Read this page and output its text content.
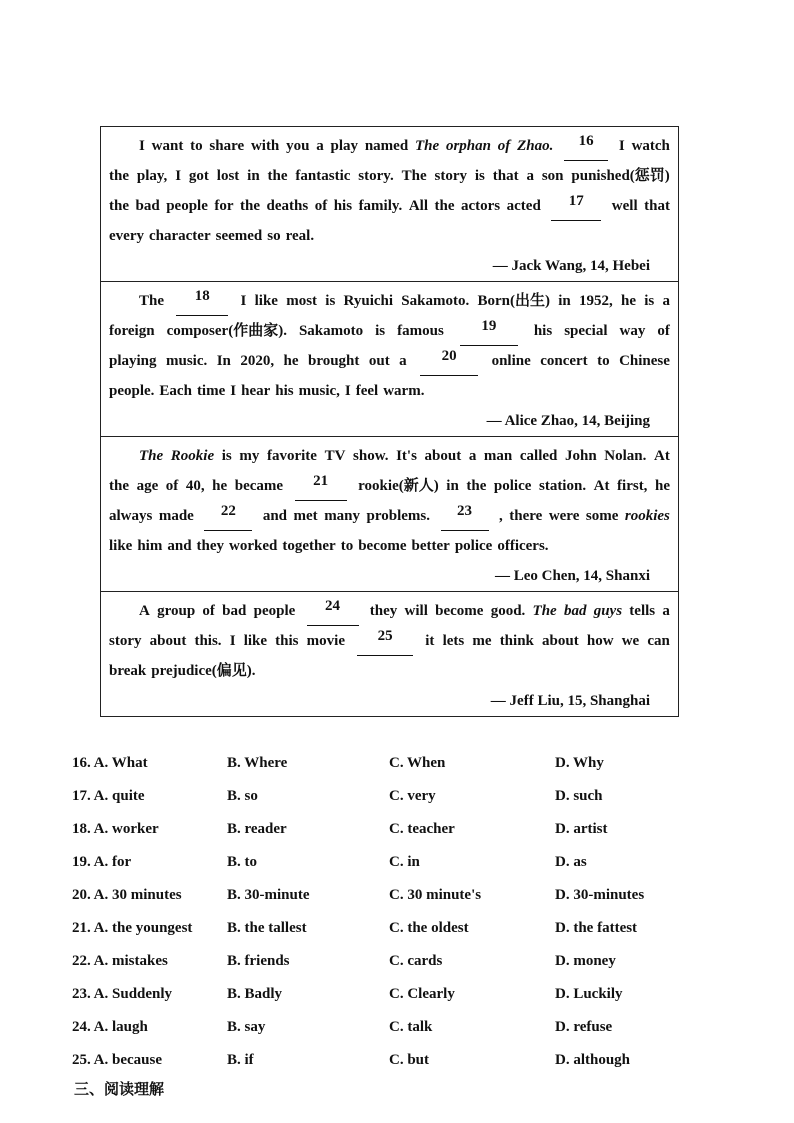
I want to share with you a play named The orphan of Zhao.	16	I watch
the play, I got lost in the fantastic story. The story is that a son punished(惩罚)
the bad people for the deaths of his family. All the actors acted	17	well that
every character seemed so real.
— Jack Wang, 14, Hebei
The	18	I like most is Ryuichi Sakamoto. Born(出生) in 1952, he is a
foreign composer(作曲家). Sakamoto is famous	19	his special way of
playing music. In 2020, he brought out a	20	online concert to Chinese
people. Each time I hear his music, I feel warm.
— Alice Zhao, 14, Beijing
The Rookie is my favorite TV show. It's about a man called John Nolan. At
the age of 40, he became	21	rookie(新人) in the police station. At first, he
always made	22	and met many problems.	23	, there were some rookies
like him and they worked together to become better police officers.
— Leo Chen, 14, Shanxi
A group of bad people	24	they will become good. The bad guys tells a
story about this. I like this movie	25	it lets me think about how we can
break prejudice(偏见).
— Jeff Liu, 15, Shanghai
16. A. What	B. Where	C. When	D. Why
17. A. quite	B. so	C. very	D. such
18. A. worker	B. reader	C. teacher	D. artist
19. A. for	B. to	C. in	D. as
20. A. 30 minutes	B. 30-minute	C. 30 minute's	D. 30-minutes
21. A. the youngest	B. the tallest	C. the oldest	D. the fattest
22. A. mistakes	B. friends	C. cards	D. money
23. A. Suddenly	B. Badly	C. Clearly	D. Luckily
24. A. laugh	B. say	C. talk	D. refuse
25. A. because	B. if	C. but	D. although
三、阅读理解
